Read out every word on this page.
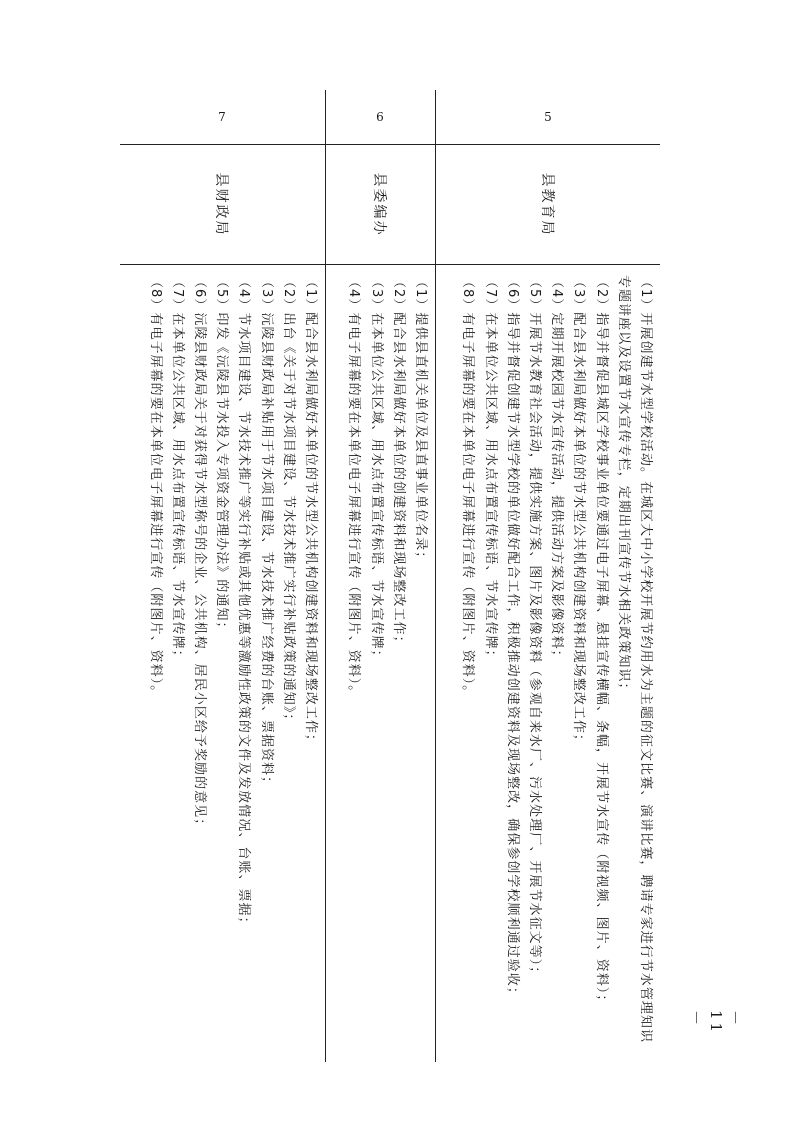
5
县教育局

（1）开展创建节水型学校活动。在城区大中小学校开展节约用水为主题的征文比赛、演讲比赛，聘请专家进行节水管理知识专题讲座以及设置节水宣传专栏，定期出刊宣传节水相关政策知识；

（2）指导并督促县城区学校事业单位要通过电子屏幕、悬挂宣传横幅、条幅，开展节水宣传（附视频、图片、资料）；

（3）配合县水利局做好本单位的节水型公共机构创建资料和现场整改工作；

（4）定期开展校园节水宣传活动，提供活动方案及影像资料；

（5）开展节水教育社会活动，提供实施方案、图片及影像资料（参观自来水厂、污水处理厂、开展节水征文等）；

（6）指导并督促创建节水型学校的单位做好配合工作，积极推动创建资料及现场整改，确保参创学校顺利通过验收；

（7）在本单位公共区域、用水点布置宣传标语、节水宣传牌；

（8）有电子屏幕的要在本单位电子屏幕进行宣传（附图片、资料）。

6
县委编办

（1）提供县直机关单位及县直事业单位名录；

（2）配合县水利局做好本单位的创建资料和现场整改工作；

（3）在本单位公共区域、用水点布置宣传标语、节水宣传牌；

（4）有电子屏幕的要在本单位电子屏幕进行宣传（附图片、资料）。

7
县财政局

（1）配合县水利局做好本单位的节水型公共机构创建资料和现场整改工作；

（2）出台《关于对节水项目建设、节水技术推广实行补贴政策的通知》；

（3）沅陵县财政局补贴用于节水项目建设、节水技术推广经费的台账、票据资料；

（4）节水项目建设、节水技术推广等实行补贴或其他优惠等激励性政策的文件及发放情况、台账、票据；

（5）印发《沅陵县节水投入专项资金管理办法》的通知；

（6）沅陵县财政局关于对获得节水型称号的企业、公共机构、居民小区给予奖励的意见；

（7）在本单位公共区域、用水点布置宣传标语、节水宣传牌；

（8）有电子屏幕的要在本单位电子屏幕进行宣传（附图片、资料）。

－ 11 －
